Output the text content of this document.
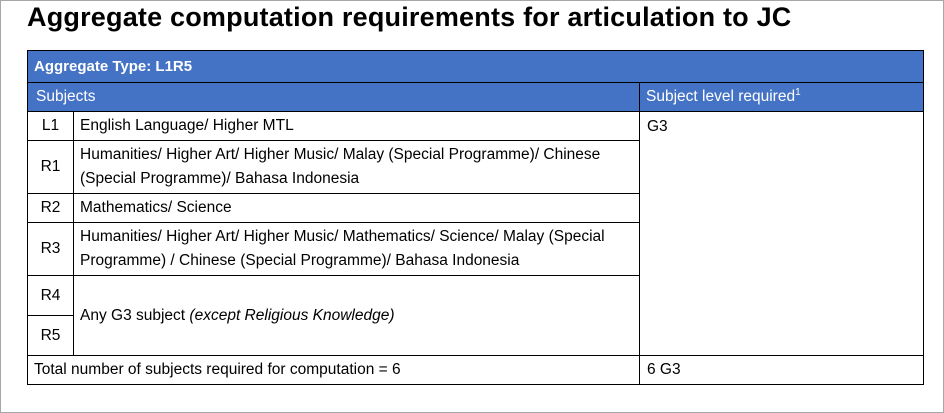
Aggregate computation requirements for articulation to JC
Aggregate Type: L1R5		
Subjects		Subject level required$^1$
L1	English Language/ Higher MTL	G3
R1	Humanities/ Higher Art/ Higher Music/ Malay (Special Programme)/ Chinese (Special Programme)/ Bahasa Indonesia	
R2	Mathematics/ Science	
R3	Humanities/ Higher Art/ Higher Music/ Mathematics/ Science/ Malay (Special Programme) / Chinese (Special Programme)/ Bahasa Indonesia	
R4	Any G3 subject (except Religious Knowledge)	
R5		
Total number of subjects required for computation = 6		6 G3
